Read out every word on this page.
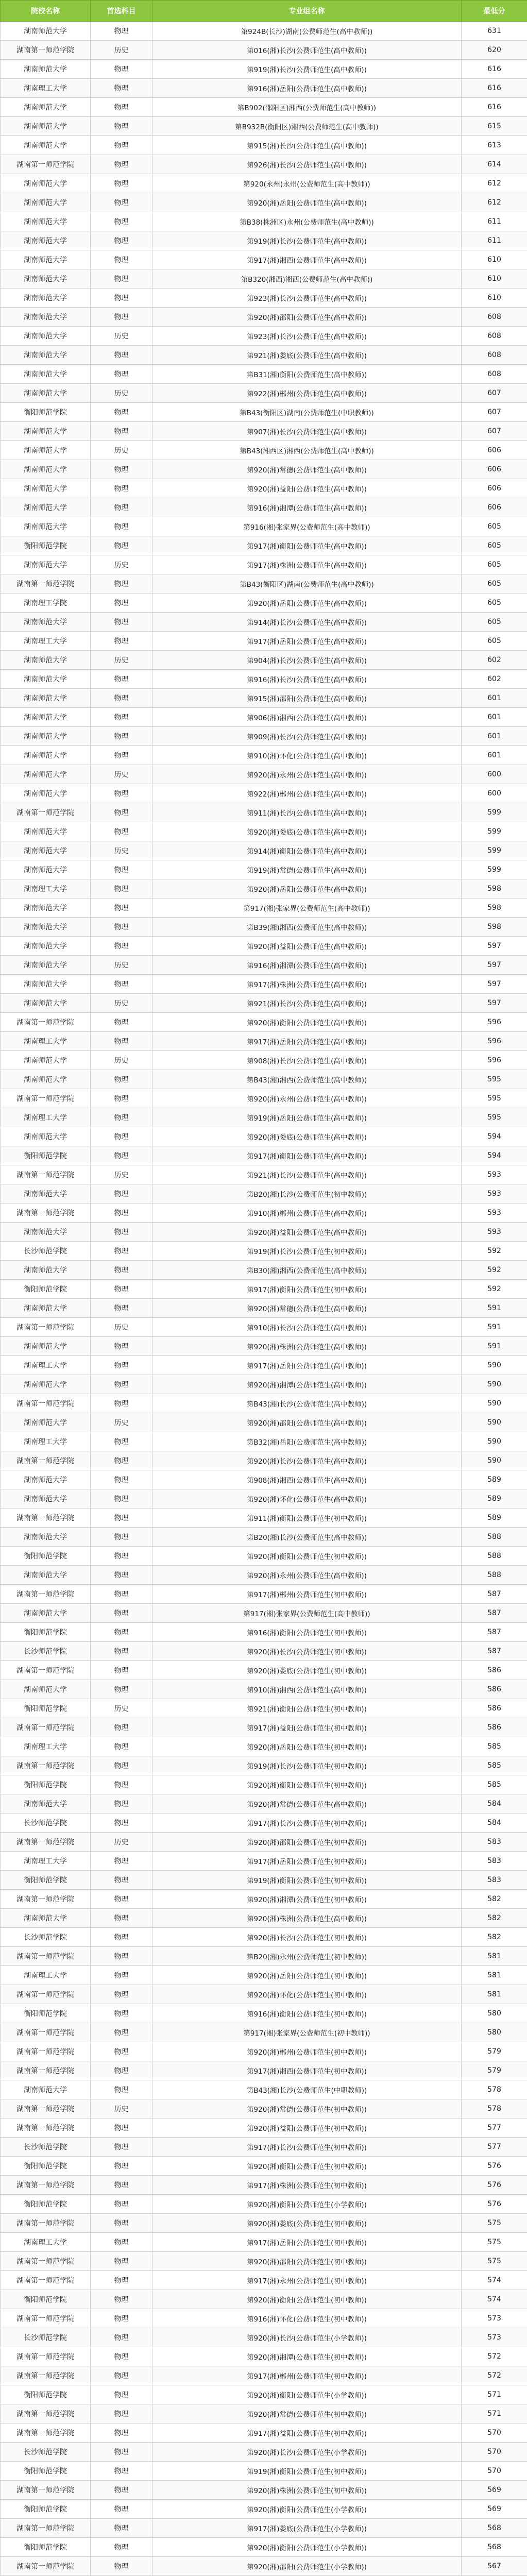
院校名称	首选科目	专业组名称	最低分
湖南师范大学	物理	第924B(长沙)湖南(公费师范生(高中教师))	631
湖南第一师范学院	历史	第016(湘)长沙(公费师范生(高中教师))	620
湖南师范大学	物理	第919(湘)长沙(公费师范生(高中教师))	616
湖南理工大学	物理	第916(湘)岳阳(公费师范生(高中教师))	616
湖南师范大学	物理	第B902(邵阳区)湘西(公费师范生(高中教师))	616
湖南师范大学	物理	第B932B(衡阳区)湘西(公费师范生(高中教师))	615
湖南师范大学	物理	第915(湘)长沙(公费师范生(高中教师))	613
湖南第一师范学院	物理	第926(湘)长沙(公费师范生(高中教师))	614
湖南师范大学	物理	第920(永州)永州(公费师范生(高中教师))	612
湖南师范大学	物理	第920(湘)岳阳(公费师范生(高中教师))	612
湖南师范大学	物理	第B38(株洲区)永州(公费师范生(高中教师))	611
湖南师范大学	物理	第919(湘)长沙(公费师范生(高中教师))	611
湖南师范大学	物理	第917(湘)湘西(公费师范生(高中教师))	610
湖南师范大学	物理	第B320(湘西)湘西(公费师范生(高中教师))	610
湖南师范大学	物理	第923(湘)长沙(公费师范生(高中教师))	610
湖南师范大学	物理	第920(湘)邵阳(公费师范生(高中教师))	608
湖南师范大学	历史	第923(湘)长沙(公费师范生(高中教师))	608
湖南师范大学	物理	第921(湘)娄底(公费师范生(高中教师))	608
湖南师范大学	物理	第B31(湘)衡阳(公费师范生(高中教师))	608
湖南师范大学	历史	第922(湘)郴州(公费师范生(高中教师))	607
衡阳师范学院	物理	第B43(衡阳区)湖南(公费师范生(中职教师))	607
湖南师范大学	物理	第907(湘)长沙(公费师范生(高中教师))	607
湖南师范大学	历史	第B43(湘西区)湘西(公费师范生(高中教师))	606
湖南师范大学	物理	第920(湘)常德(公费师范生(高中教师))	606
湖南师范大学	物理	第920(湘)益阳(公费师范生(高中教师))	606
湖南师范大学	物理	第916(湘)湘潭(公费师范生(高中教师))	606
湖南师范大学	物理	第916(湘)张家界(公费师范生(高中教师))	605
衡阳师范学院	物理	第917(湘)衡阳(公费师范生(高中教师))	605
湖南师范大学	历史	第917(湘)株洲(公费师范生(高中教师))	605
湖南第一师范学院	物理	第B43(衡阳区)湖南(公费师范生(高中教师))	605
湖南理工学院	物理	第920(湘)岳阳(公费师范生(高中教师))	605
湖南师范大学	物理	第914(湘)长沙(公费师范生(高中教师))	605
湖南理工大学	物理	第917(湘)岳阳(公费师范生(高中教师))	605
湖南师范大学	历史	第904(湘)长沙(公费师范生(高中教师))	602
湖南师范大学	物理	第916(湘)长沙(公费师范生(高中教师))	602
湖南师范大学	物理	第915(湘)邵阳(公费师范生(高中教师))	601
湖南师范大学	物理	第906(湘)湘西(公费师范生(高中教师))	601
湖南师范大学	物理	第909(湘)长沙(公费师范生(高中教师))	601
湖南师范大学	物理	第910(湘)怀化(公费师范生(高中教师))	601
湖南师范大学	历史	第920(湘)永州(公费师范生(高中教师))	600
湖南师范大学	物理	第922(湘)郴州(公费师范生(高中教师))	600
湖南第一师范学院	物理	第911(湘)长沙(公费师范生(高中教师))	599
湖南师范大学	物理	第920(湘)娄底(公费师范生(高中教师))	599
湖南师范大学	历史	第914(湘)衡阳(公费师范生(高中教师))	599
湖南师范大学	物理	第919(湘)常德(公费师范生(高中教师))	599
湖南理工大学	物理	第920(湘)岳阳(公费师范生(高中教师))	598
湖南师范大学	物理	第917(湘)张家界(公费师范生(高中教师))	598
湖南师范大学	物理	第B39(湘)湘西(公费师范生(高中教师))	598
湖南师范大学	物理	第920(湘)益阳(公费师范生(高中教师))	597
湖南师范大学	历史	第916(湘)湘潭(公费师范生(高中教师))	597
湖南师范大学	物理	第917(湘)株洲(公费师范生(高中教师))	597
湖南师范大学	历史	第921(湘)长沙(公费师范生(高中教师))	597
湖南第一师范学院	物理	第920(湘)衡阳(公费师范生(高中教师))	596
湖南理工大学	物理	第917(湘)岳阳(公费师范生(高中教师))	596
湖南师范大学	历史	第908(湘)长沙(公费师范生(高中教师))	596
湖南师范大学	物理	第B43(湘)湘西(公费师范生(高中教师))	595
湖南第一师范学院	物理	第920(湘)永州(公费师范生(高中教师))	595
湖南理工大学	物理	第919(湘)岳阳(公费师范生(高中教师))	595
湖南师范大学	物理	第920(湘)娄底(公费师范生(高中教师))	594
衡阳师范学院	物理	第917(湘)衡阳(公费师范生(高中教师))	594
湖南第一师范学院	历史	第921(湘)长沙(公费师范生(高中教师))	593
湖南师范大学	物理	第B20(湘)长沙(公费师范生(初中教师))	593
湖南第一师范学院	物理	第910(湘)郴州(公费师范生(高中教师))	593
湖南师范大学	物理	第920(湘)益阳(公费师范生(高中教师))	593
长沙师范学院	物理	第919(湘)长沙(公费师范生(初中教师))	592
湖南师范大学	物理	第B30(湘)湘西(公费师范生(高中教师))	592
衡阳师范学院	物理	第917(湘)衡阳(公费师范生(初中教师))	592
湖南师范大学	物理	第920(湘)常德(公费师范生(高中教师))	591
湖南第一师范学院	历史	第910(湘)长沙(公费师范生(高中教师))	591
湖南师范大学	物理	第920(湘)株洲(公费师范生(高中教师))	591
湖南理工大学	物理	第917(湘)岳阳(公费师范生(高中教师))	590
湖南师范大学	物理	第920(湘)湘潭(公费师范生(高中教师))	590
湖南第一师范学院	物理	第B43(湘)长沙(公费师范生(高中教师))	590
湖南师范大学	历史	第920(湘)邵阳(公费师范生(高中教师))	590
湖南理工大学	物理	第B32(湘)岳阳(公费师范生(高中教师))	590
湖南第一师范学院	物理	第920(湘)长沙(公费师范生(高中教师))	590
湖南师范大学	物理	第908(湘)湘西(公费师范生(高中教师))	589
湖南师范大学	物理	第920(湘)怀化(公费师范生(高中教师))	589
湖南第一师范学院	物理	第911(湘)衡阳(公费师范生(初中教师))	589
湖南师范大学	物理	第B20(湘)长沙(公费师范生(高中教师))	588
衡阳师范学院	物理	第920(湘)衡阳(公费师范生(初中教师))	588
湖南师范大学	物理	第920(湘)永州(公费师范生(高中教师))	588
湖南第一师范学院	物理	第917(湘)郴州(公费师范生(初中教师))	587
湖南师范大学	物理	第917(湘)张家界(公费师范生(高中教师))	587
衡阳师范学院	物理	第916(湘)衡阳(公费师范生(初中教师))	587
长沙师范学院	物理	第920(湘)长沙(公费师范生(初中教师))	587
湖南第一师范学院	物理	第920(湘)娄底(公费师范生(初中教师))	586
湖南师范大学	物理	第910(湘)湘西(公费师范生(高中教师))	586
衡阳师范学院	历史	第921(湘)衡阳(公费师范生(初中教师))	586
湖南第一师范学院	物理	第917(湘)益阳(公费师范生(初中教师))	586
湖南理工大学	物理	第920(湘)岳阳(公费师范生(初中教师))	585
湖南第一师范学院	物理	第919(湘)长沙(公费师范生(初中教师))	585
衡阳师范学院	物理	第920(湘)衡阳(公费师范生(初中教师))	585
湖南师范大学	物理	第920(湘)常德(公费师范生(高中教师))	584
长沙师范学院	物理	第917(湘)长沙(公费师范生(初中教师))	584
湖南第一师范学院	历史	第920(湘)邵阳(公费师范生(初中教师))	583
湖南理工大学	物理	第917(湘)岳阳(公费师范生(初中教师))	583
衡阳师范学院	物理	第919(湘)衡阳(公费师范生(初中教师))	583
湖南第一师范学院	物理	第920(湘)湘潭(公费师范生(初中教师))	582
湖南师范大学	物理	第920(湘)株洲(公费师范生(高中教师))	582
长沙师范学院	物理	第920(湘)长沙(公费师范生(初中教师))	582
湖南第一师范学院	物理	第B20(湘)永州(公费师范生(初中教师))	581
湖南理工大学	物理	第920(湘)岳阳(公费师范生(初中教师))	581
湖南第一师范学院	物理	第920(湘)怀化(公费师范生(初中教师))	581
衡阳师范学院	物理	第916(湘)衡阳(公费师范生(初中教师))	580
湖南第一师范学院	物理	第917(湘)张家界(公费师范生(初中教师))	580
湖南第一师范学院	物理	第920(湘)郴州(公费师范生(初中教师))	579
湖南第一师范学院	物理	第917(湘)湘西(公费师范生(初中教师))	579
湖南师范大学	物理	第B43(湘)长沙(公费师范生(中职教师))	578
湖南第一师范学院	历史	第920(湘)常德(公费师范生(初中教师))	578
湖南第一师范学院	物理	第920(湘)益阳(公费师范生(初中教师))	577
长沙师范学院	物理	第917(湘)长沙(公费师范生(初中教师))	577
衡阳师范学院	物理	第920(湘)衡阳(公费师范生(初中教师))	576
湖南第一师范学院	物理	第917(湘)株洲(公费师范生(初中教师))	576
衡阳师范学院	物理	第920(湘)衡阳(公费师范生(小学教师))	576
湖南第一师范学院	物理	第920(湘)娄底(公费师范生(初中教师))	575
湖南理工大学	物理	第917(湘)岳阳(公费师范生(初中教师))	575
湖南第一师范学院	物理	第920(湘)邵阳(公费师范生(初中教师))	575
湖南第一师范学院	物理	第917(湘)永州(公费师范生(初中教师))	574
衡阳师范学院	物理	第920(湘)衡阳(公费师范生(初中教师))	574
湖南第一师范学院	物理	第916(湘)怀化(公费师范生(初中教师))	573
长沙师范学院	物理	第920(湘)长沙(公费师范生(小学教师))	573
湖南第一师范学院	物理	第920(湘)湘潭(公费师范生(初中教师))	572
湖南第一师范学院	物理	第917(湘)郴州(公费师范生(初中教师))	572
衡阳师范学院	物理	第920(湘)衡阳(公费师范生(小学教师))	571
湖南第一师范学院	物理	第920(湘)常德(公费师范生(初中教师))	571
湖南第一师范学院	物理	第917(湘)益阳(公费师范生(初中教师))	570
长沙师范学院	物理	第920(湘)长沙(公费师范生(小学教师))	570
衡阳师范学院	物理	第919(湘)衡阳(公费师范生(初中教师))	570
湖南第一师范学院	物理	第920(湘)株洲(公费师范生(初中教师))	569
衡阳师范学院	物理	第920(湘)衡阳(公费师范生(小学教师))	569
湖南第一师范学院	物理	第917(湘)娄底(公费师范生(小学教师))	568
衡阳师范学院	物理	第920(湘)衡阳(公费师范生(小学教师))	568
湖南第一师范学院	物理	第920(湘)邵阳(公费师范生(小学教师))	567
